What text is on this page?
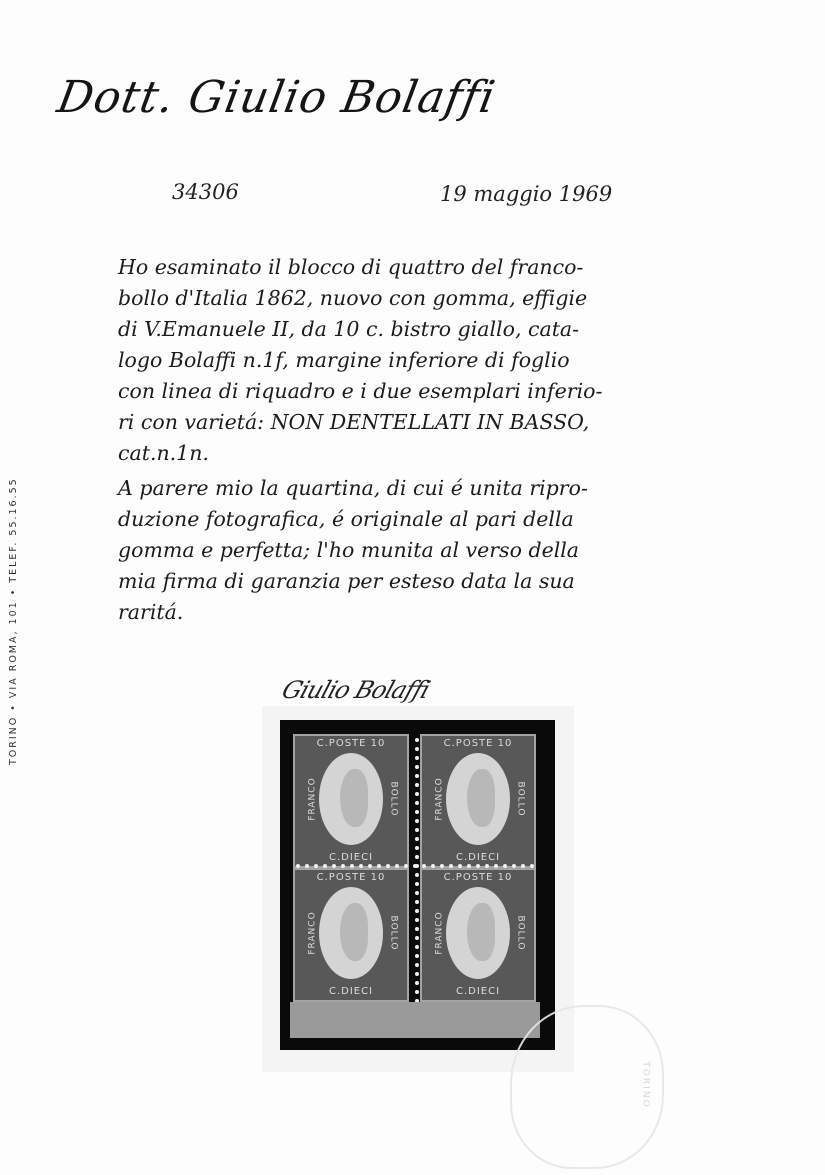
Dott. Giulio Bolaffi
34306	19 maggio 1969
Ho esaminato il blocco di quattro del franco-
bollo d'Italia 1862, nuovo con gomma, effigie
di V.Emanuele II, da 10 c. bistro giallo, cata-
logo Bolaffi n.1f, margine inferiore di foglio
con linea di riquadro e i due esemplari inferio-
ri con varietá: NON DENTELLATI IN BASSO,
cat.n.1n.
A parere mio la quartina, di cui é unita ripro-
duzione fotografica, é originale al pari della
gomma e perfetta; l'ho munita al verso della
mia firma di garanzia per esteso data la sua
raritá.
TORINO • VIA ROMA, 101 • TELEF. 55.16.55	Giulio Bolaffi
C.POSTE 10
FRANCO	BOLLO
C.DIECI
C.POSTE 10
FRANCO	BOLLO
C.DIECI
C.POSTE 10
FRANCO	BOLLO
C.DIECI
C.POSTE 10
FRANCO	BOLLO
C.DIECI
TORINO
